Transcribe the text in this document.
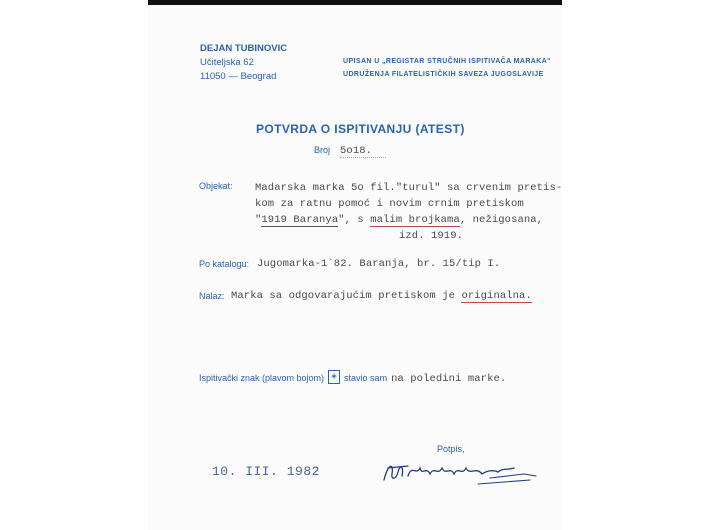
DEJAN TUBINOVIC
Učiteljska 62
11050 — Beograd
UPISAN U „REGISTAR STRUČNIH ISPITIVAČA MARAKA"
UDRUŽENJA FILATELISTIČKIH SAVEZA JUGOSLAVIJE
POTVRDA O ISPITIVANJU (ATEST)
Broj 5o18.
Objekat: Madarska marka 5o fil."turul" sa crvenim pretis-
kom za ratnu pomoć i novim crnim pretiskom
"1919 Baranya", s malim brojkama, nežigosana,
izd. 1919.
Po katalogu: Jugomarka-1`82. Baranja, br. 15/tip I.
Nalaz: Marka sa odgovarajućim pretiskom je originalna.
Ispitivački znak (plavom bojom) ◈ stavio sam na poledini marke.
Potpis,
10. III. 1982
